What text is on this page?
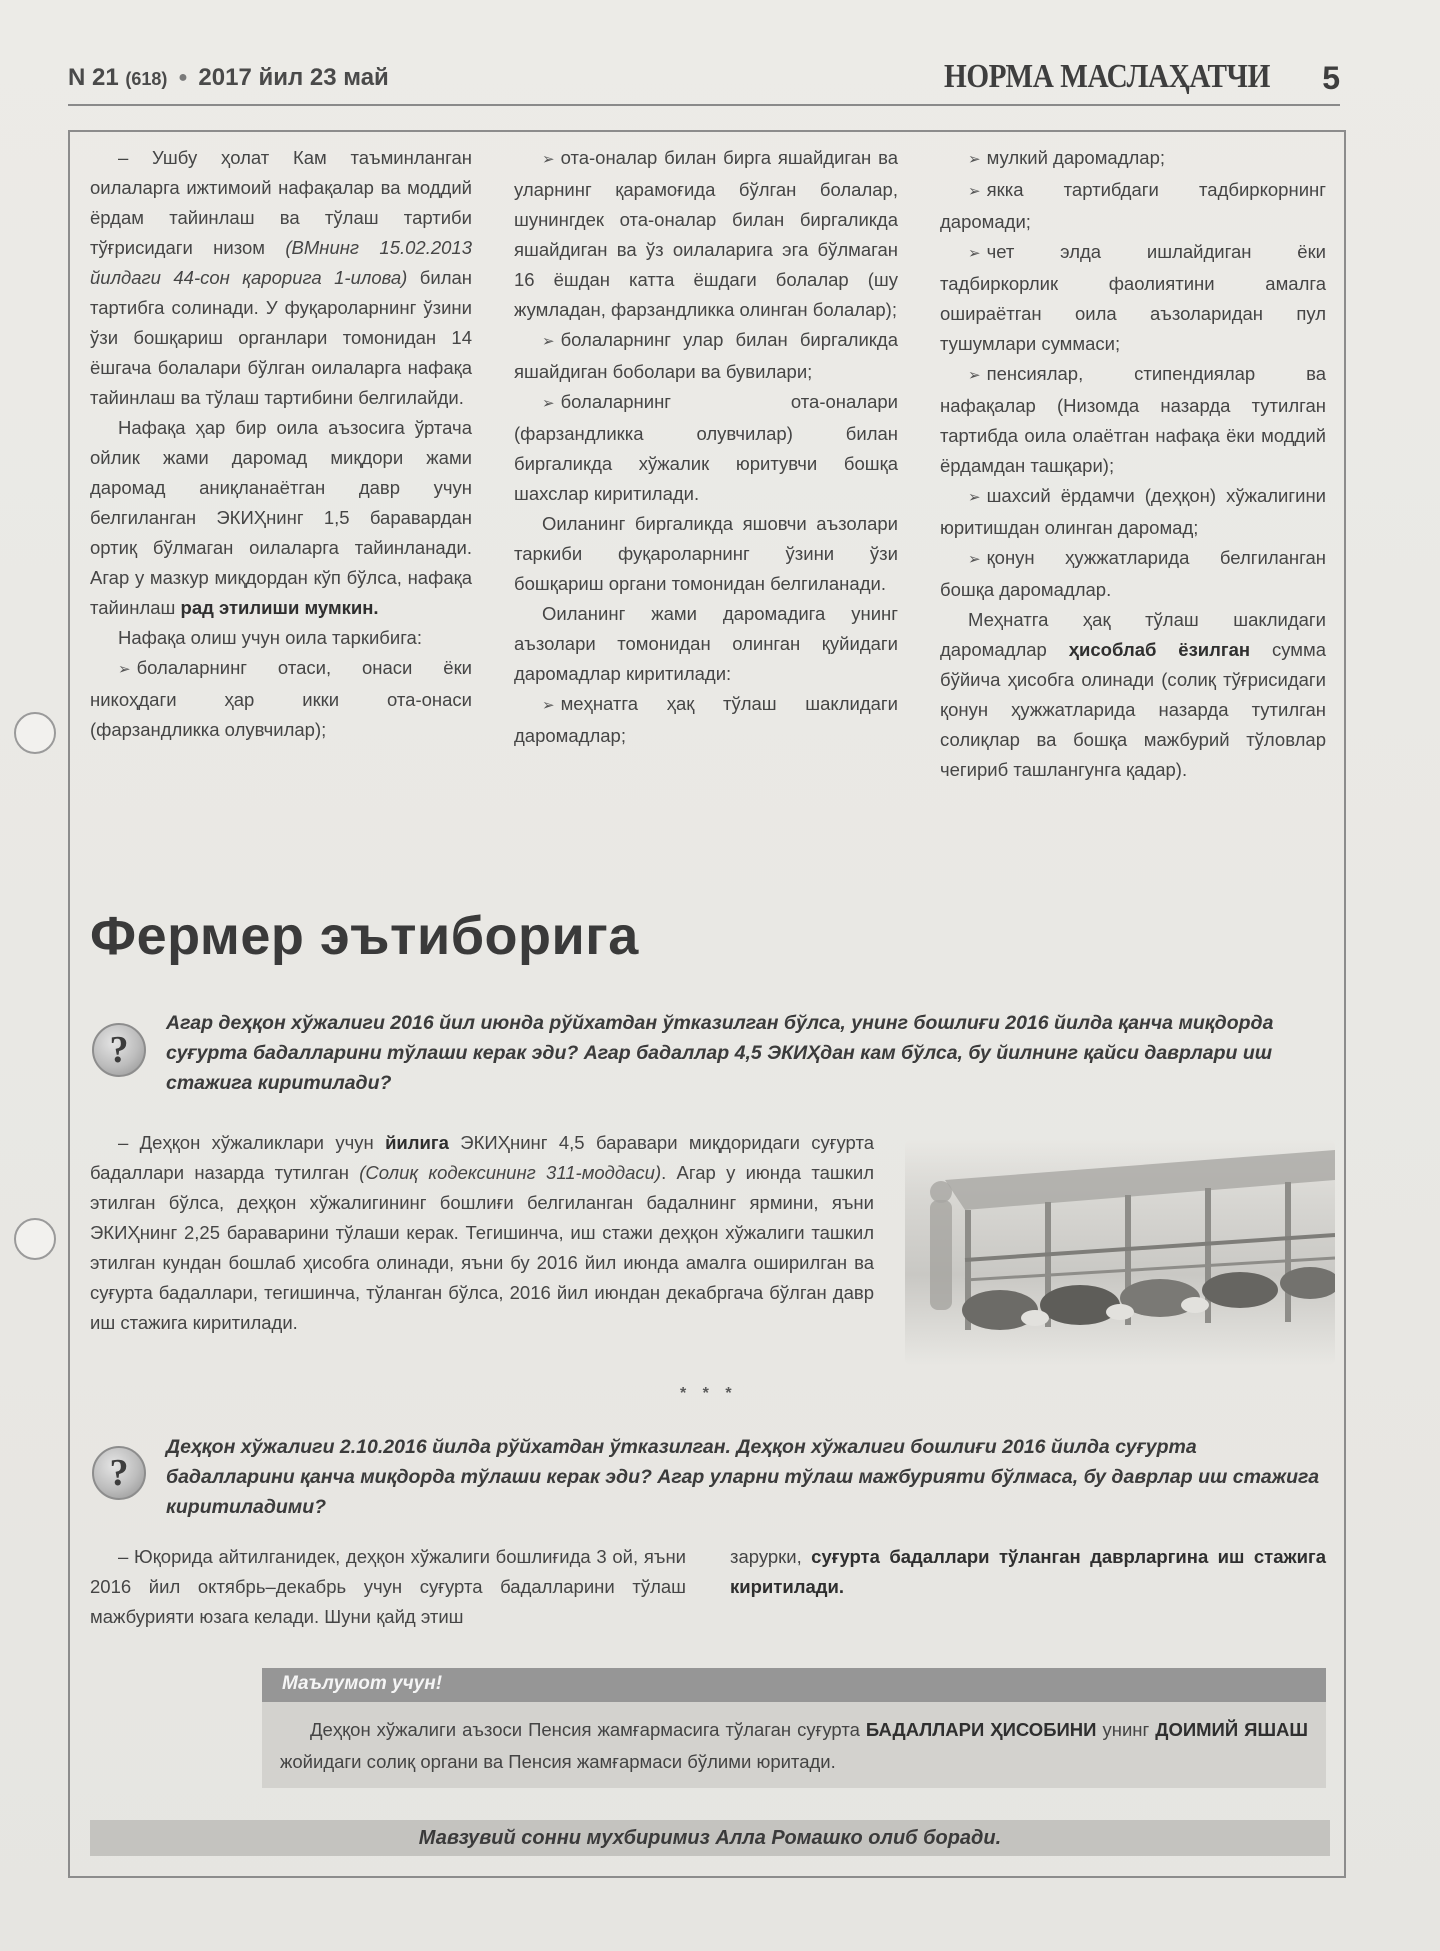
N 21 (618) ● 2017 йил 23 май	НОРМА МАСЛАҲАТЧИ 5

– Ушбу ҳолат Кам таъминланган оилаларга ижтимоий нафақалар ва моддий ёрдам тайинлаш ва тўлаш тартиби тўғрисидаги низом (ВМнинг 15.02.2013 йилдаги 44-сон қарорига 1-илова) билан тартибга солинади. У фуқароларнинг ўзини ўзи бошқариш органлари томонидан 14 ёшгача болалари бўлган оилаларга нафақа тайинлаш ва тўлаш тартибини белгилайди.

Нафақа ҳар бир оила аъзосига ўртача ойлик жами даромад миқдори жами даромад аниқланаётган давр учун белгиланган ЭКИҲнинг 1,5 баравардан ортиқ бўлмаган оилаларга тайинланади. Агар у мазкур миқдордан кўп бўлса, нафақа тайинлаш рад этилиши мумкин.

Нафақа олиш учун оила таркибига:

➢ болаларнинг отаси, онаси ёки никоҳдаги ҳар икки ота-онаси (фарзандликка олувчилар);

➢ ота-оналар билан бирга яшайдиган ва уларнинг қарамоғида бўлган болалар, шунингдек ота-оналар билан биргаликда яшайдиган ва ўз оилаларига эга бўлмаган 16 ёшдан катта ёшдаги болалар (шу жумладан, фарзандликка олинган болалар);

➢ болаларнинг улар билан биргаликда яшайдиган боболари ва бувилари;

➢ болаларнинг ота-оналари (фарзандликка олувчилар) билан биргаликда хўжалик юритувчи бошқа шахслар киритилади.

Оиланинг биргаликда яшовчи аъзолари таркиби фуқароларнинг ўзини ўзи бошқариш органи томонидан белгиланади.

Оиланинг жами даромадига унинг аъзолари томонидан олинган қуйидаги даромадлар киритилади:

➢ меҳнатга ҳақ тўлаш шаклидаги даромадлар;

➢ мулкий даромадлар;

➢ якка тартибдаги тадбиркорнинг даромади;

➢ чет элда ишлайдиган ёки тадбиркорлик фаолиятини амалга ошираётган оила аъзоларидан пул тушумлари суммаси;

➢ пенсиялар, стипендиялар ва нафақалар (Низомда назарда тутилган тартибда оила олаётган нафақа ёки моддий ёрдамдан ташқари);

➢ шахсий ёрдамчи (деҳқон) хўжалигини юритишдан олинган даромад;

➢ қонун ҳужжатларида белгиланган бошқа даромадлар.

Меҳнатга ҳақ тўлаш шаклидаги даромадлар ҳисоблаб ёзилган сумма бўйича ҳисобга олинади (солиқ тўғрисидаги қонун ҳужжатларида назарда тутилган солиқлар ва бошқа мажбурий тўловлар чегириб ташлангунга қадар).

Фермер эътиборига
?
Агар деҳқон хўжалиги 2016 йил июнда рўйхатдан ўтказилган бўлса, унинг бошлиғи 2016 йилда қанча миқдорда суғурта бадалларини тўлаши керак эди? Агар бадаллар 4,5 ЭКИҲдан кам бўлса, бу йилнинг қайси даврлари иш стажига киритилади?

– Деҳқон хўжаликлари учун йилига ЭКИҲнинг 4,5 баравари миқдоридаги суғурта бадаллари назарда тутилган (Солиқ кодексининг 311-моддаси). Агар у июнда ташкил этилган бўлса, деҳқон хўжалигининг бошлиғи белгиланган бадалнинг ярмини, яъни ЭКИҲнинг 2,25 бараварини тўлаши керак. Тегишинча, иш стажи деҳқон хўжалиги ташкил этилган кундан бошлаб ҳисобга олинади, яъни бу 2016 йил июнда амалга оширилган ва суғурта бадаллари, тегишинча, тўланган бўлса, 2016 йил июндан декабргача бўлган давр иш стажига киритилади.

* * *
?
Деҳқон хўжалиги 2.10.2016 йилда рўйхатдан ўтказилган. Деҳқон хўжалиги бошлиғи 2016 йилда суғурта бадалларини қанча миқдорда тўлаши керак эди? Агар уларни тўлаш мажбурияти бўлмаса, бу даврлар иш стажига киритиладими?

– Юқорида айтилганидек, деҳқон хўжалиги бошлиғида 3 ой, яъни 2016 йил октябрь–декабрь учун суғурта бадалларини тўлаш мажбурияти юзага келади. Шуни қайд этиш

зарурки, суғурта бадаллари тўланган даврларгина иш стажига киритилади.
Маълумот учун!
Деҳқон хўжалиги аъзоси Пенсия жамғармасига тўлаган суғурта БАДАЛЛАРИ ҲИСОБИНИ унинг ДОИМИЙ ЯШАШ жойидаги солиқ органи ва Пенсия жамғармаси бўлими юритади.
Мавзувий сонни мухбиримиз Алла Ромашко олиб боради.
